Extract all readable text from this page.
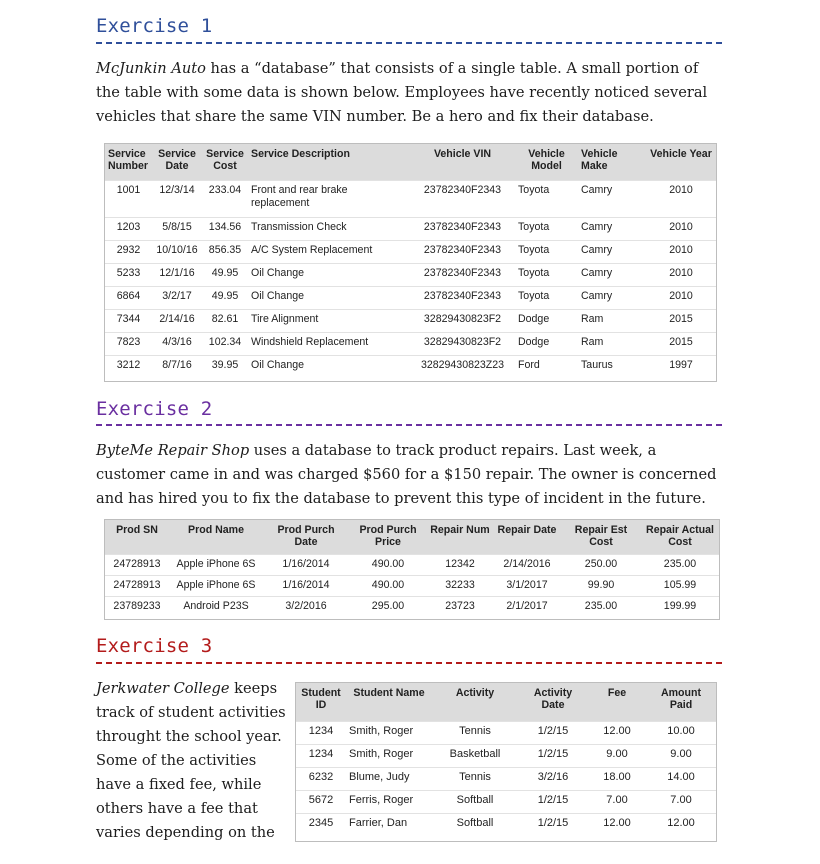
Exercise 1
McJunkin Auto has a “database” that consists of a single table. A small portion of the table with some data is shown below. Employees have recently noticed several vehicles that share the same VIN number. Be a hero and fix their database.
Service Number	Service Date	Service Cost	Service Description	Vehicle VIN	Vehicle Model	Vehicle Make	Vehicle Year
1001	12/3/14	233.04	Front and rear brake replacement	23782340F2343	Toyota	Camry	2010
1203	5/8/15	134.56	Transmission Check	23782340F2343	Toyota	Camry	2010
2932	10/10/16	856.35	A/C System Replacement	23782340F2343	Toyota	Camry	2010
5233	12/1/16	49.95	Oil Change	23782340F2343	Toyota	Camry	2010
6864	3/2/17	49.95	Oil Change	23782340F2343	Toyota	Camry	2010
7344	2/14/16	82.61	Tire Alignment	32829430823F2	Dodge	Ram	2015
7823	4/3/16	102.34	Windshield Replacement	32829430823F2	Dodge	Ram	2015
3212	8/7/16	39.95	Oil Change	32829430823Z23	Ford	Taurus	1997
Exercise 2
ByteMe Repair Shop uses a database to track product repairs. Last week, a customer came in and was charged $560 for a $150 repair. The owner is concerned and has hired you to fix the database to prevent this type of incident in the future.
Prod SN	Prod Name	Prod Purch Date	Prod Purch Price	Repair Num	Repair Date	Repair Est Cost	Repair Actual Cost
24728913	Apple iPhone 6S	1/16/2014	490.00	12342	2/14/2016	250.00	235.00
24728913	Apple iPhone 6S	1/16/2014	490.00	32233	3/1/2017	99.90	105.99
23789233	Android P23S	3/2/2016	295.00	23723	2/1/2017	235.00	199.99
Exercise 3
Jerkwater College keeps
track of student activities
throught the school year.
Some of the activities
have a fixed fee, while
others have a fee that
varies depending on the
Student ID	Student Name	Activity	Activity Date	Fee	Amount Paid
1234	Smith, Roger	Tennis	1/2/15	12.00	10.00
1234	Smith, Roger	Basketball	1/2/15	9.00	9.00
6232	Blume, Judy	Tennis	3/2/16	18.00	14.00
5672	Ferris, Roger	Softball	1/2/15	7.00	7.00
2345	Farrier, Dan	Softball	1/2/15	12.00	12.00
